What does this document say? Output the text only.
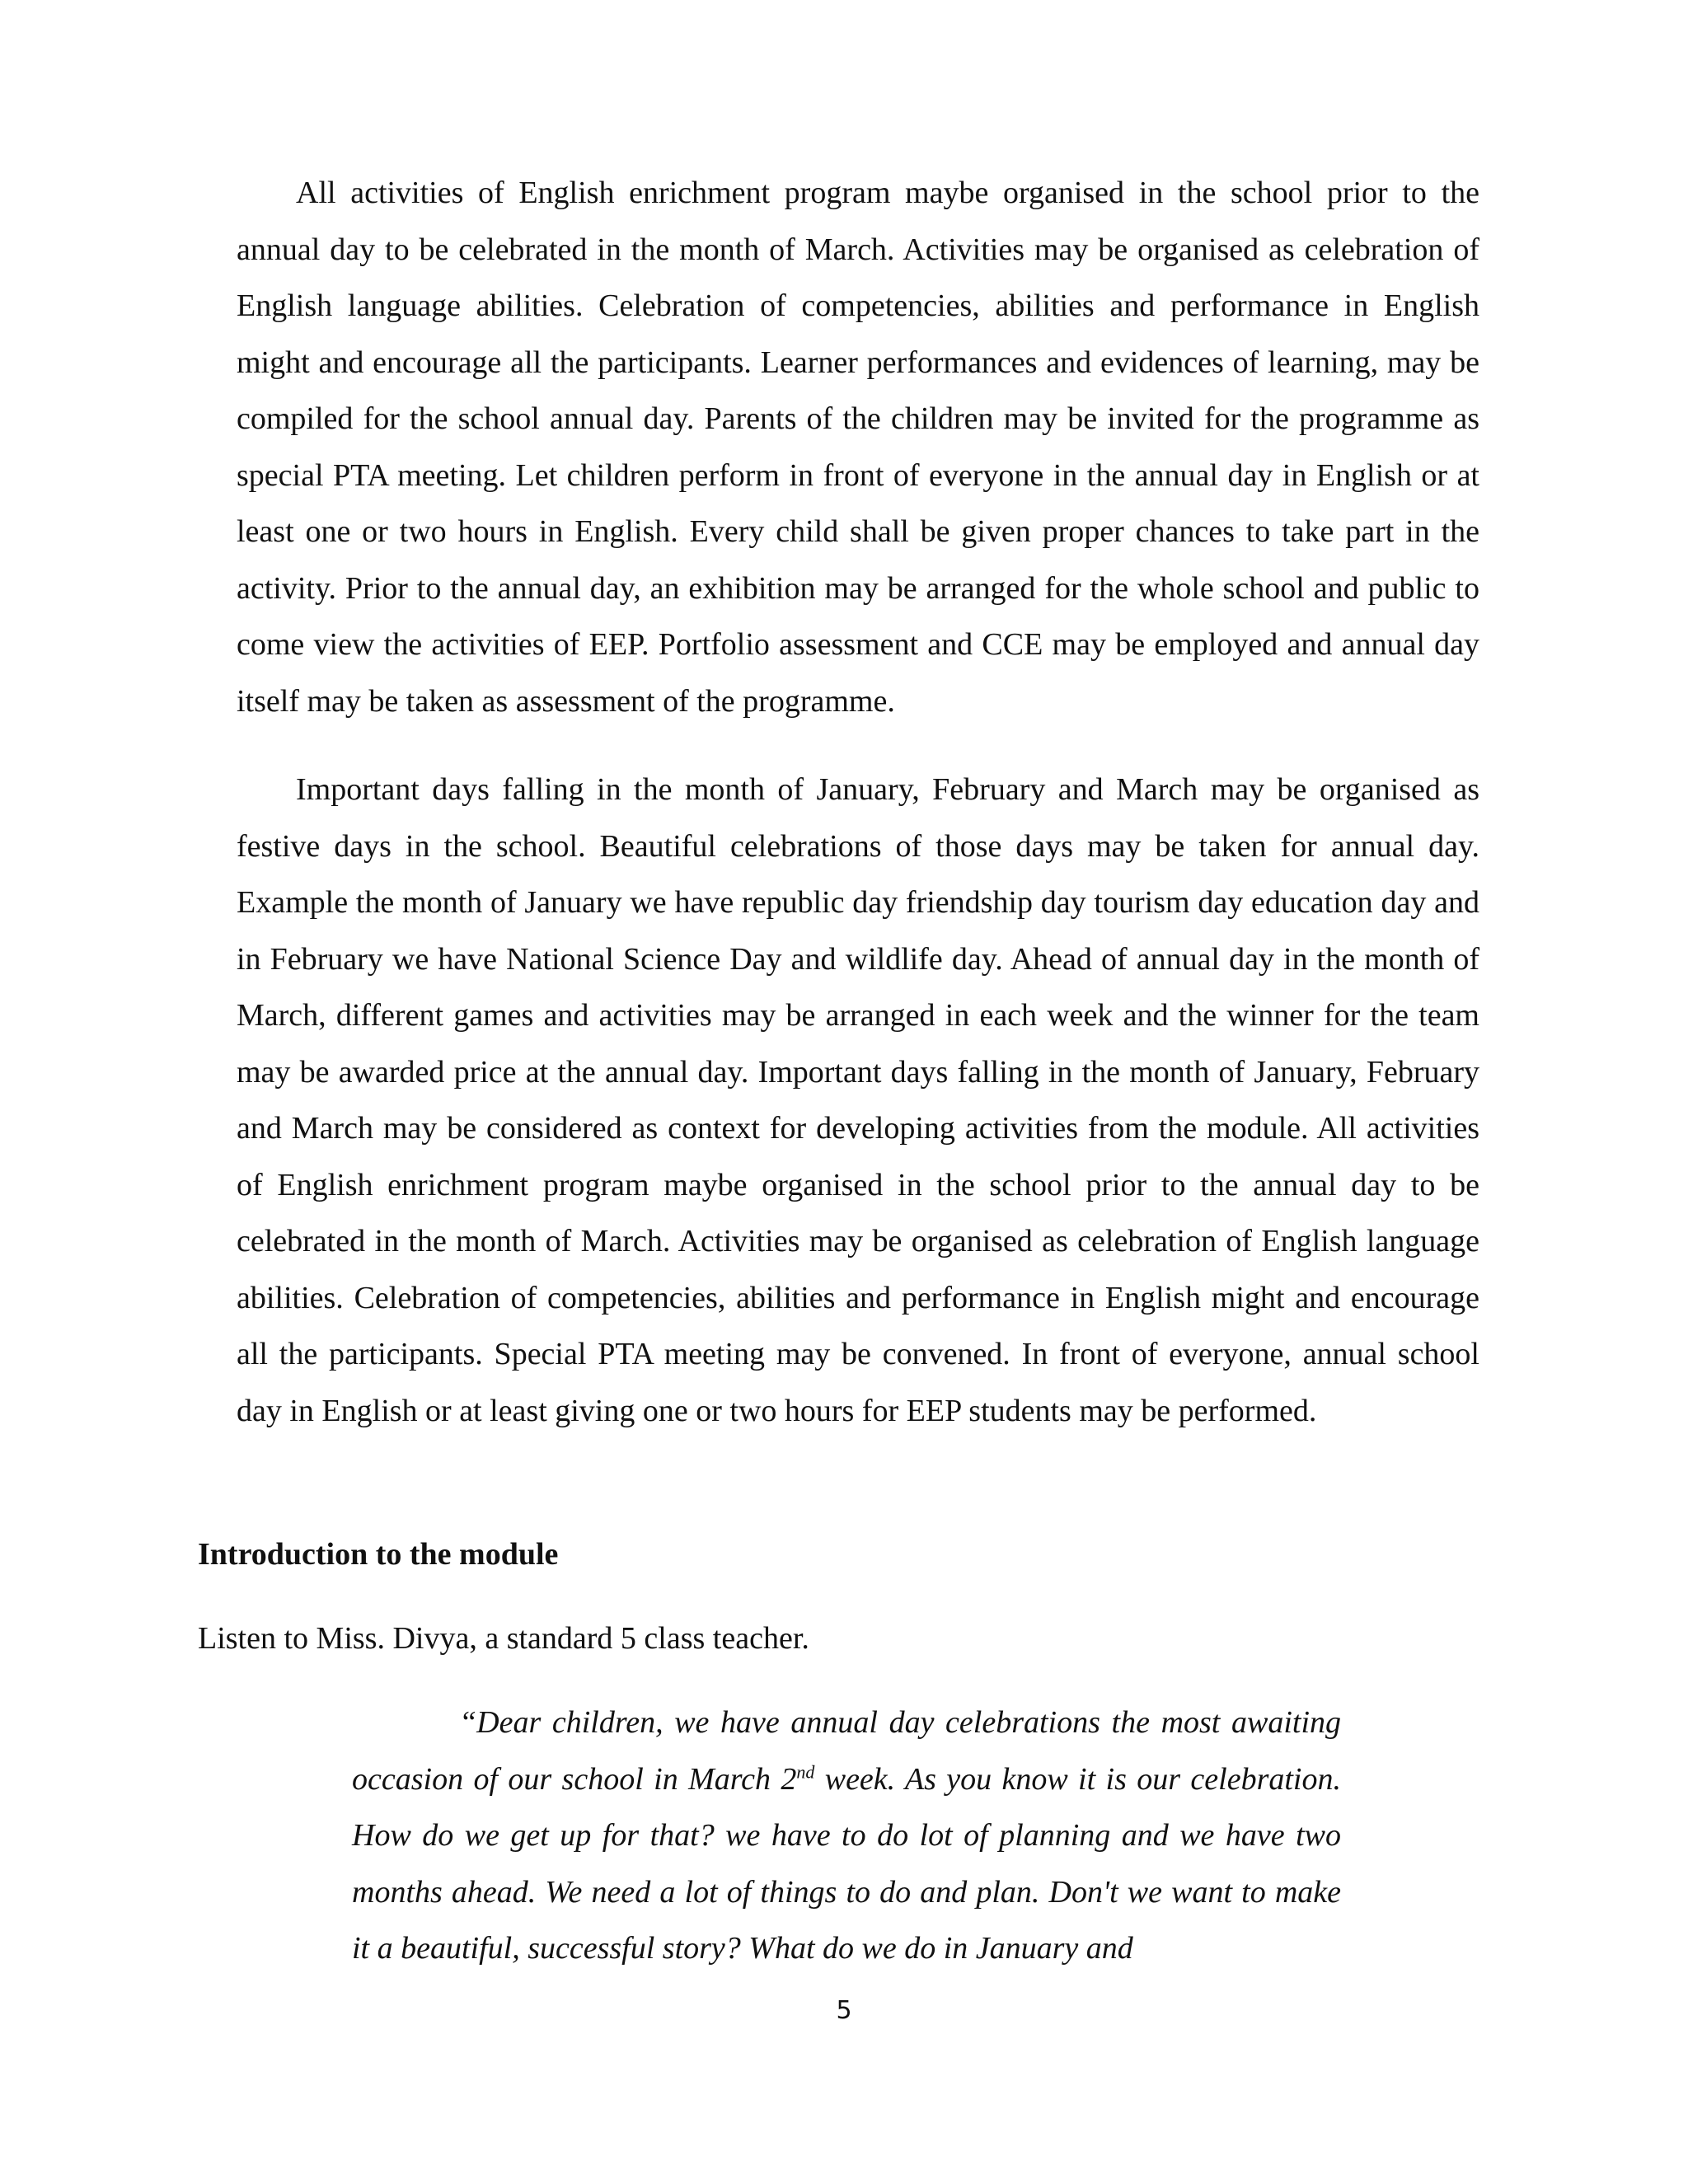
All activities of English enrichment program maybe organised in the school prior to the annual day to be celebrated in the month of March. Activities may be organised as celebration of English language abilities. Celebration of competencies, abilities and performance in English might and encourage all the participants. Learner performances and evidences of learning, may be compiled for the school annual day. Parents of the children may be invited for the programme as special PTA meeting. Let children perform in front of everyone in the annual day in English or at least one or two hours in English. Every child shall be given proper chances to take part in the activity. Prior to the annual day, an exhibition may be arranged for the whole school and public to come view the activities of EEP. Portfolio assessment and CCE may be employed and annual day itself may be taken as assessment of the programme.

Important days falling in the month of January, February and March may be organised as festive days in the school. Beautiful celebrations of those days may be taken for annual day. Example the month of January we have republic day friendship day tourism day education day and in February we have National Science Day and wildlife day. Ahead of annual day in the month of March, different games and activities may be arranged in each week and the winner for the team may be awarded price at the annual day. Important days falling in the month of January, February and March may be considered as context for developing activities from the module. All activities of English enrichment program maybe organised in the school prior to the annual day to be celebrated in the month of March. Activities may be organised as celebration of English language abilities. Celebration of competencies, abilities and performance in English might and encourage all the participants. Special PTA meeting may be convened. In front of everyone, annual school day in English or at least giving one or two hours for EEP students may be performed.

Introduction to the module

Listen to Miss. Divya, a standard 5 class teacher.

“Dear children, we have annual day celebrations the most awaiting occasion of our school in March 2nd week. As you know it is our celebration. How do we get up for that? we have to do lot of planning and we have two months ahead. We need a lot of things to do and plan. Don't we want to make it a beautiful, successful story? What do we do in January and

5
